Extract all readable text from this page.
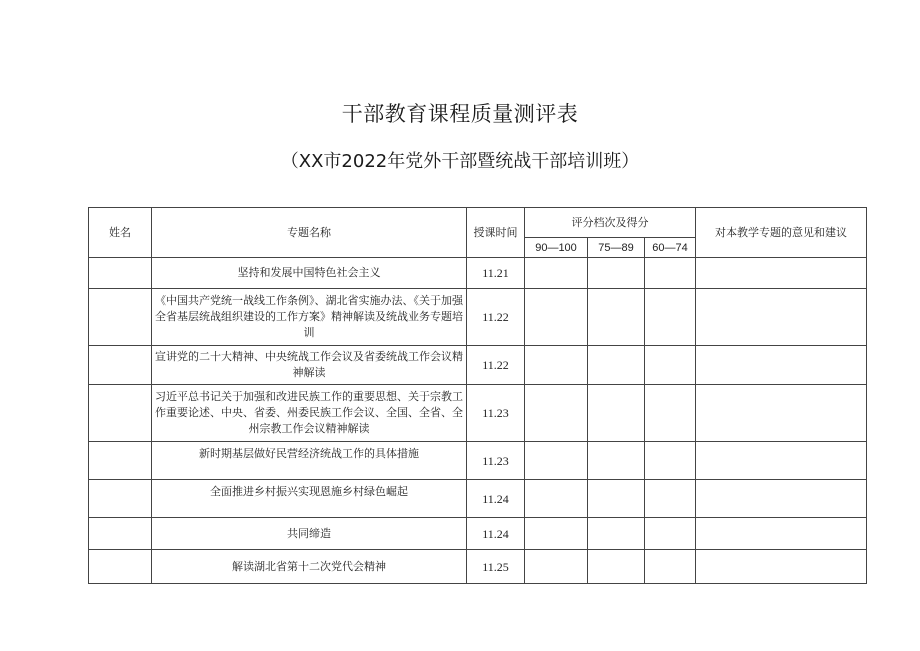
干部教育课程质量测评表
（XX市2022年党外干部暨统战干部培训班）
姓名	专题名称	授课时间	评分档次及得分			对本教学专题的意见和建议
			90—100	75—89	60—74	
	坚持和发展中国特色社会主义	11.21				
	《中国共产党统一战线工作条例》、湖北省实施办法、《关于加强全省基层统战组织建设的工作方案》精神解读及统战业务专题培训	11.22				
	宣讲党的二十大精神、中央统战工作会议及省委统战工作会议精神解读	11.22				
	习近平总书记关于加强和改进民族工作的重要思想、关于宗教工作重要论述、中央、省委、州委民族工作会议、全国、全省、全州宗教工作会议精神解读	11.23				
	新时期基层做好民营经济统战工作的具体措施	11.23				
	全面推进乡村振兴实现恩施乡村绿色崛起	11.24				
	共同缔造	11.24				
	解读湖北省第十二次党代会精神	11.25				
